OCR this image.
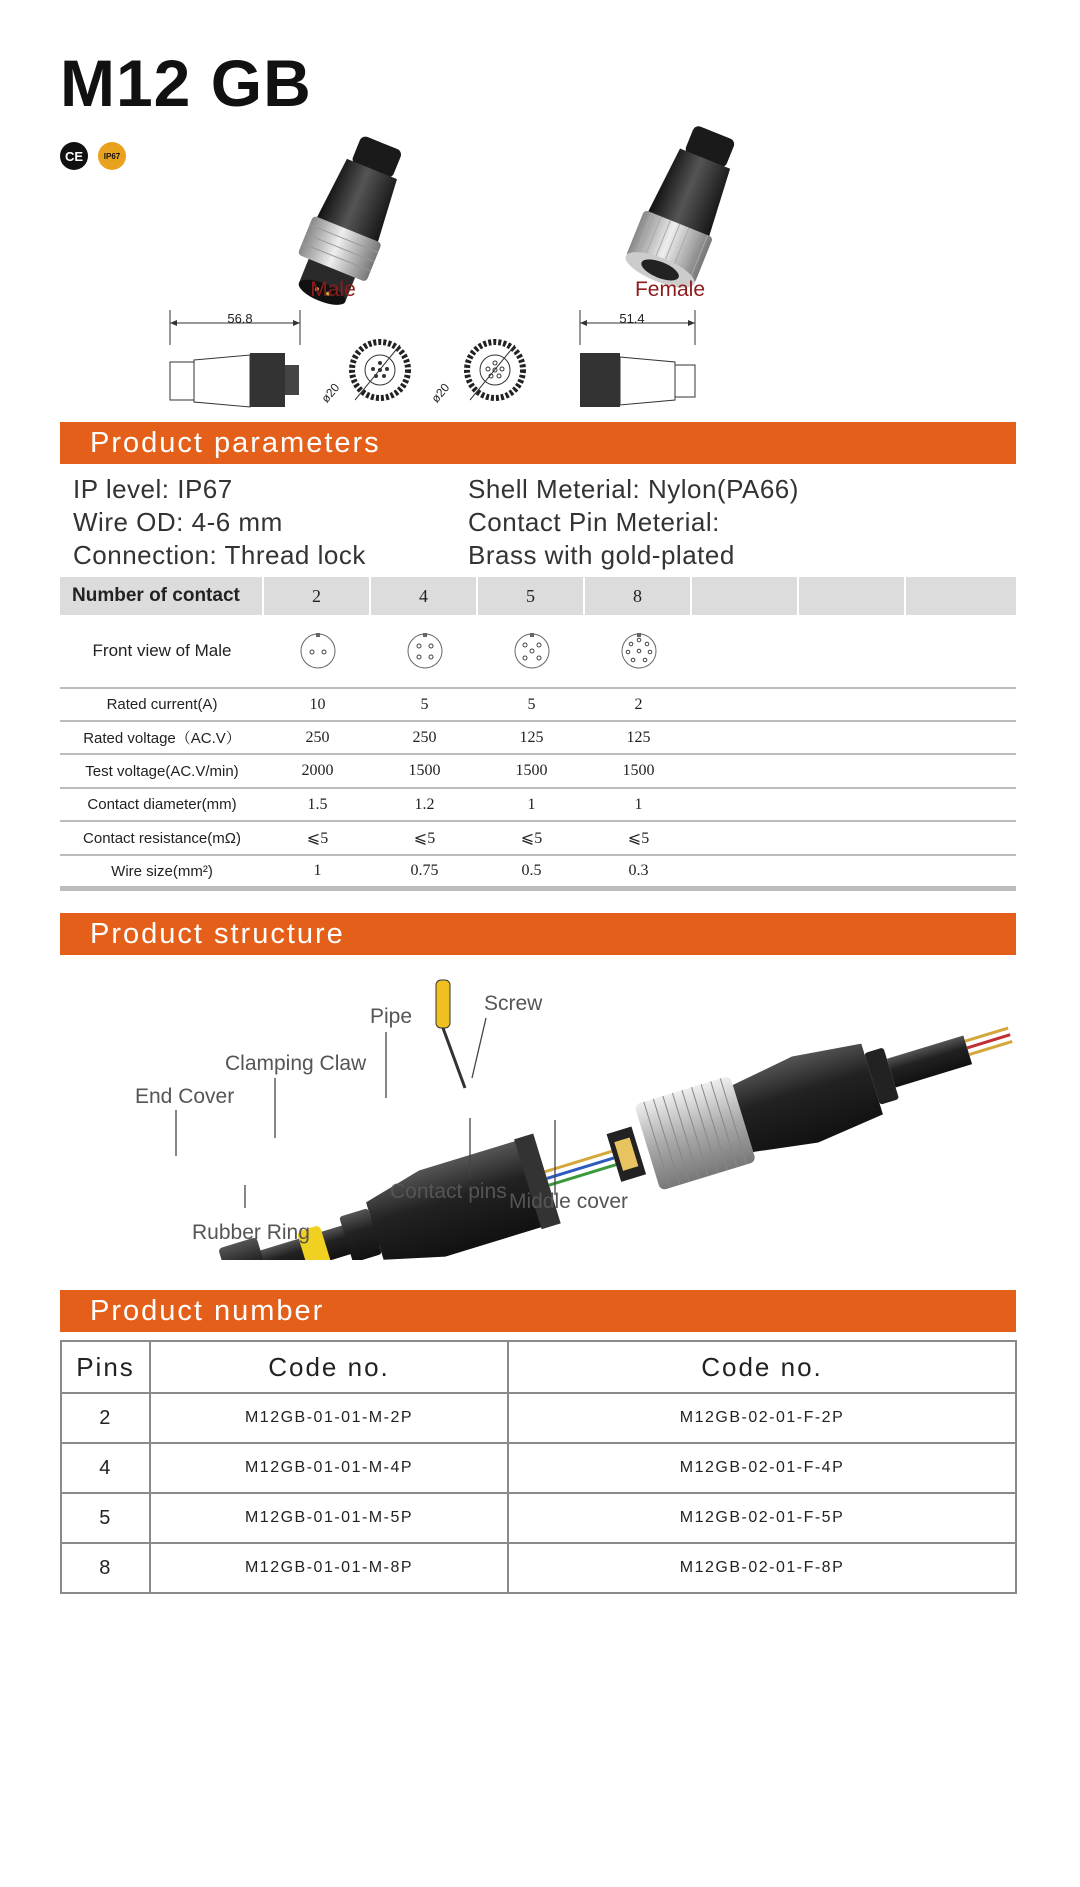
M12 GB
CE	IP67
Male	Female
56.8	51.4
ø20	ø20
Product parameters
IP level: IP67
Wire OD: 4-6 mm
Connection: Thread lock
Shell Meterial: Nylon(PA66)
Contact Pin Meterial:
Brass with gold-plated
Number of contact	2	4	5	8
Front view of Male
Rated current(A)	10	5	5	2
Rated voltage（AC.V）	250	250	125	125
Test voltage(AC.V/min)	2000	1500	1500	1500
Contact diameter(mm)	1.5	1.2	1	1
Contact resistance(mΩ)	⩽5	⩽5	⩽5	⩽5
Wire size(mm²)	1	0.75	0.5	0.3
Product structure
Pipe
Screw
Clamping Claw
End Cover
Contact pins Middle cover
Rubber Ring
Product number
Pins	Code no.	Code no.
2	M12GB-01-01-M-2P	M12GB-02-01-F-2P
4	M12GB-01-01-M-4P	M12GB-02-01-F-4P
5	M12GB-01-01-M-5P	M12GB-02-01-F-5P
8	M12GB-01-01-M-8P	M12GB-02-01-F-8P
